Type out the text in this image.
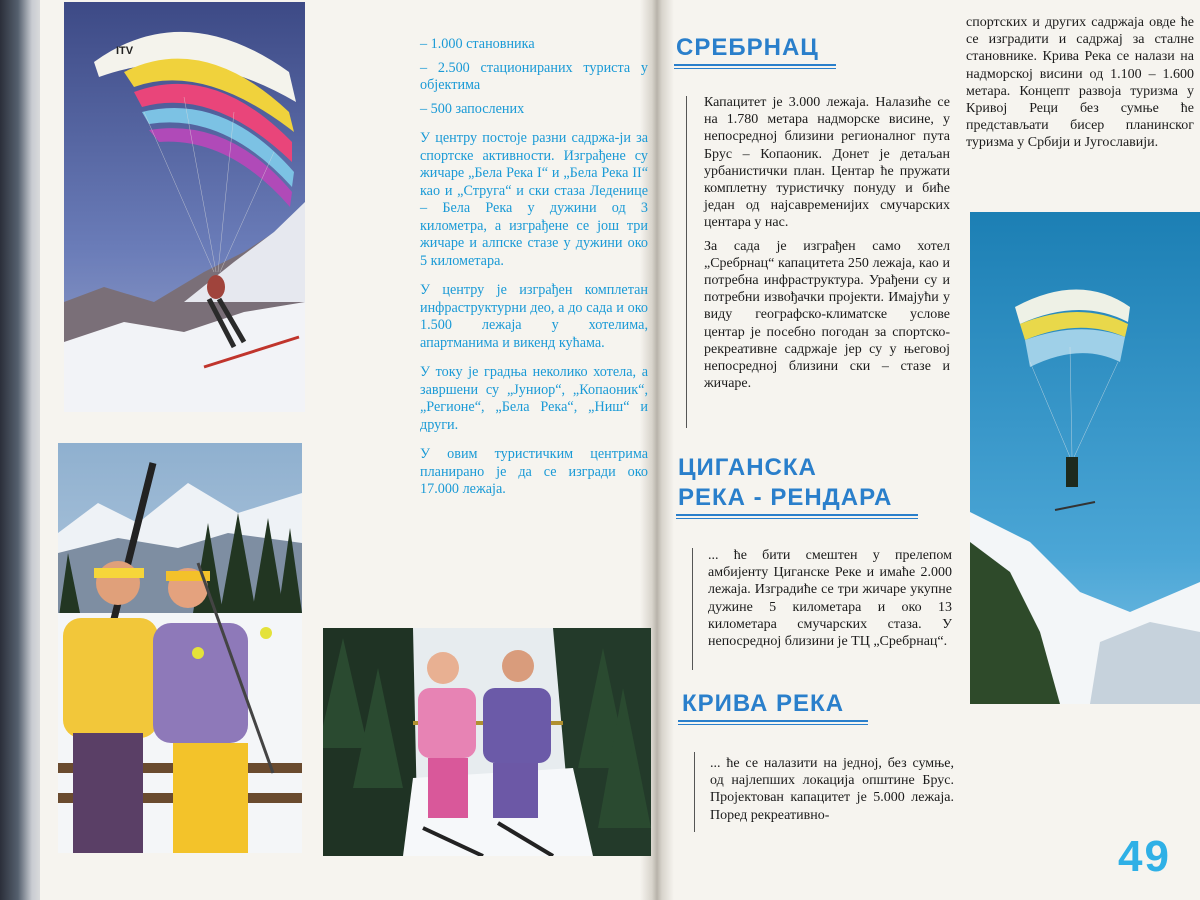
ITV	– 1.000 становника

– 2.500 стационираних туриста у објектима

– 500 запослених

У центру постоје разни садржа-ји за спортске активности. Изграђене су жичаре „Бела Река I“ и „Бела Река II“ као и „Струга“ и ски стаза Леденице – Бела Река у дужини од 3 километра, а изграђене се још три жичаре и алпске стазе у дужини око 5 километара.

У центру је изграђен комплетан инфраструктурни део, а до сада и око 1.500 лежаја у хотелима, апартманима и викенд кућама.

У току је градња неколико хотела, а завршени су „Јуниор“, „Копаоник“, „Регионе“, „Бела Река“, „Ниш“ и други.

У овим туристичким центрима планирано је да се изгради око 17.000 лежаја.

СРЕБРНАЦ

Капацитет је 3.000 лежаја. Налазиће се на 1.780 метара надморске висине, у непосредној близини регионалног пута Брус – Копаоник. Донет је детаљан урбанистички план. Центар ће пружати комплетну туристичку понуду и биће један од најсавременијих смучарских центара у нас.

За сада је изграђен само хотел „Сребрнац“ капацитета 250 лежаја, као и потребна инфраструктура. Урађени су и потребни извођачки пројекти. Имајући у виду географско-климатске услове центар је посебно погодан за спортско-рекреативне садржаје јер су у његовој непосредној близини ски – стазе и жичаре.

ЦИГАНСКА
РЕКА - РЕНДАРА

... ће бити смештен у прелепом амбијенту Циганске Реке и имаће 2.000 лежаја. Изградиће се три жичаре укупне дужине 5 километара и око 13 километара смучарских стаза. У непосредној близини је ТЦ „Сребрнац“.

КРИВА РЕКА

... ће се налазити на једној, без сумње, од најлепших локација општине Брус. Пројектован капацитет је 5.000 лежаја. Поред рекреативно-

спортских и других садржаја овде ће се изградити и садржај за сталне становнике. Крива Река се налази на надморској висини од 1.100 – 1.600 метара. Концепт развоја туризма у Кривој Реци без сумње ће представљати бисер планинског туризма у Србији и Југославији.

49
